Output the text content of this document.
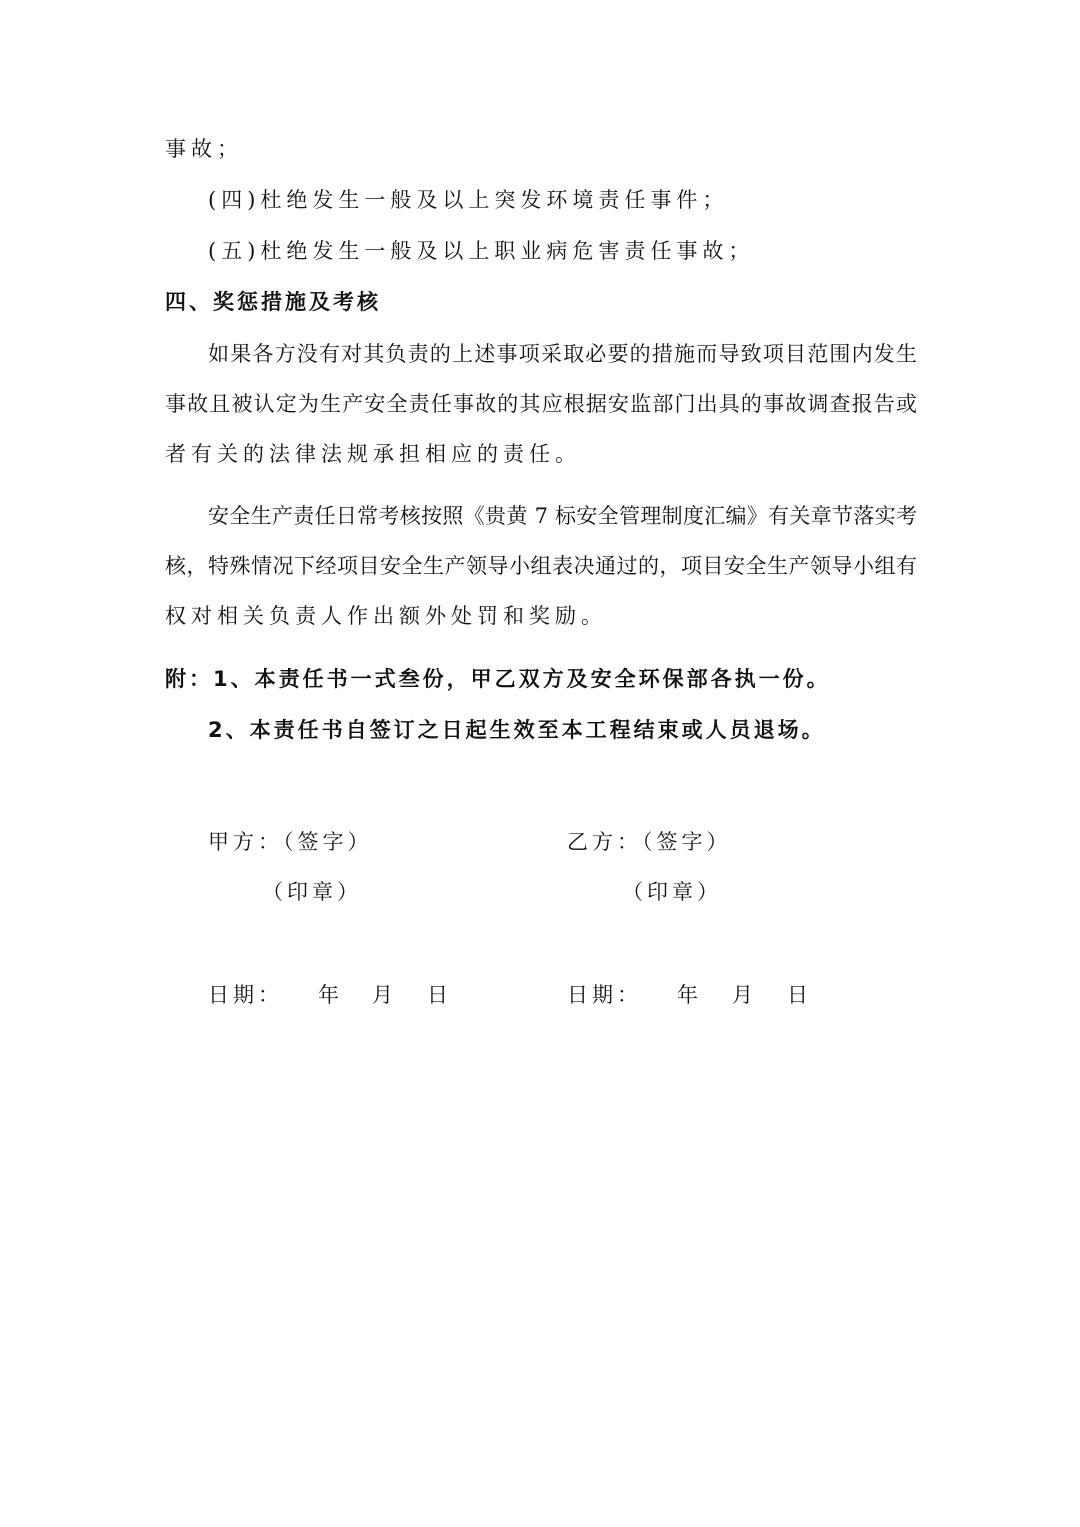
事故；
(四)杜绝发生一般及以上突发环境责任事件；
(五)杜绝发生一般及以上职业病危害责任事故；
四、奖惩措施及考核
如果各方没有对其负责的上述事项采取必要的措施而导致项目范围内发生
事故且被认定为生产安全责任事故的其应根据安监部门出具的事故调查报告或
者有关的法律法规承担相应的责任。
安全生产责任日常考核按照《贵黄 7 标安全管理制度汇编》有关章节落实考
核，特殊情况下经项目安全生产领导小组表决通过的，项目安全生产领导小组有
权对相关负责人作出额外处罚和奖励。
附：1、本责任书一式叁份，甲乙双方及安全环保部各执一份。
2、本责任书自签订之日起生效至本工程结束或人员退场。
甲方：（签字）	乙方：（签字）
（印章）	（印章）
日期： 年 月 日	日期： 年 月 日
